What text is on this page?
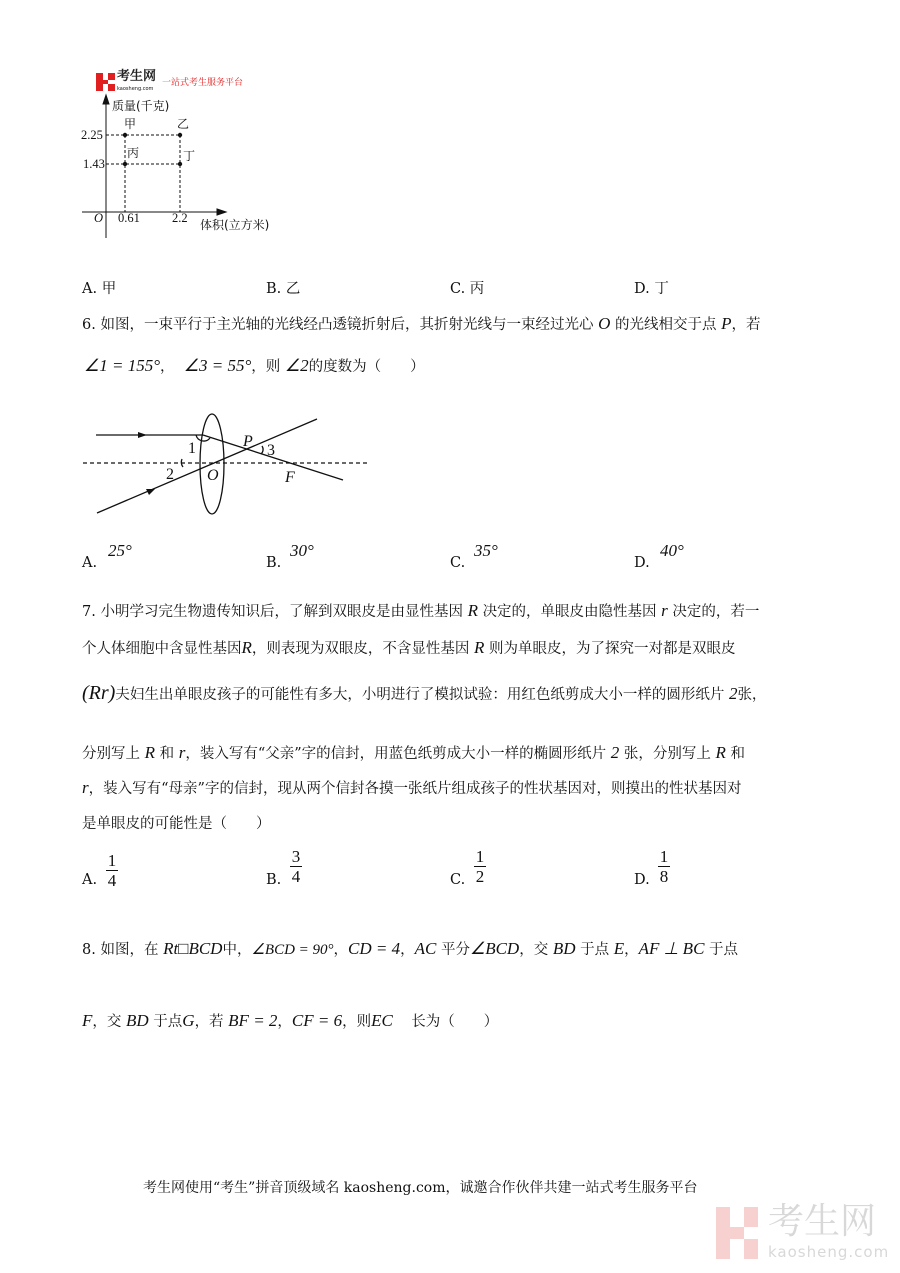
考生网
kaosheng.com
一站式考生服务平台
质量(千克)
体积(立方米)
2.25
1.43
0.61	2.2
O
甲	乙
丙	丁
A. 甲	B. 乙	C. 丙	D. 丁
6. 如图，一束平行于主光轴的光线经凸透镜折射后，其折射光线与一束经过光心 O 的光线相交于点 P，若
∠1 = 155°， ∠3 = 55°，则 ∠2的度数为（　　）
1
2
3
O
P
F
A.
25°
B.
30°
C.
35°
D.
40°
7. 小明学习完生物遗传知识后，了解到双眼皮是由显性基因 R 决定的，单眼皮由隐性基因 r 决定的，若一
个人体细胞中含显性基因R，则表现为双眼皮，不含显性基因 R 则为单眼皮，为了探究一对都是双眼皮
(Rr)夫妇生出单眼皮孩子的可能性有多大，小明进行了模拟试验：用红色纸剪成大小一样的圆形纸片 2张，
分别写上 R 和 r，装入写有“父亲”字的信封，用蓝色纸剪成大小一样的椭圆形纸片 2 张，分别写上 R 和
r，装入写有“母亲”字的信封，现从两个信封各摸一张纸片组成孩子的性状基因对，则摸出的性状基因对
是单眼皮的可能性是（　　）
A.
1
4	B.
3
4	C.
1
2	D.
1
8
8. 如图，在 Rt□BCD中，∠BCD = 90°，CD = 4，AC 平分∠BCD，交 BD 于点 E，AF ⊥ BC 于点
F，交 BD 于点G，若 BF = 2，CF = 6，则EC 长为（　　）
考生网使用“考生”拼音顶级域名 kaosheng.com，诚邀合作伙伴共建一站式考生服务平台
考生网
kaosheng.com
